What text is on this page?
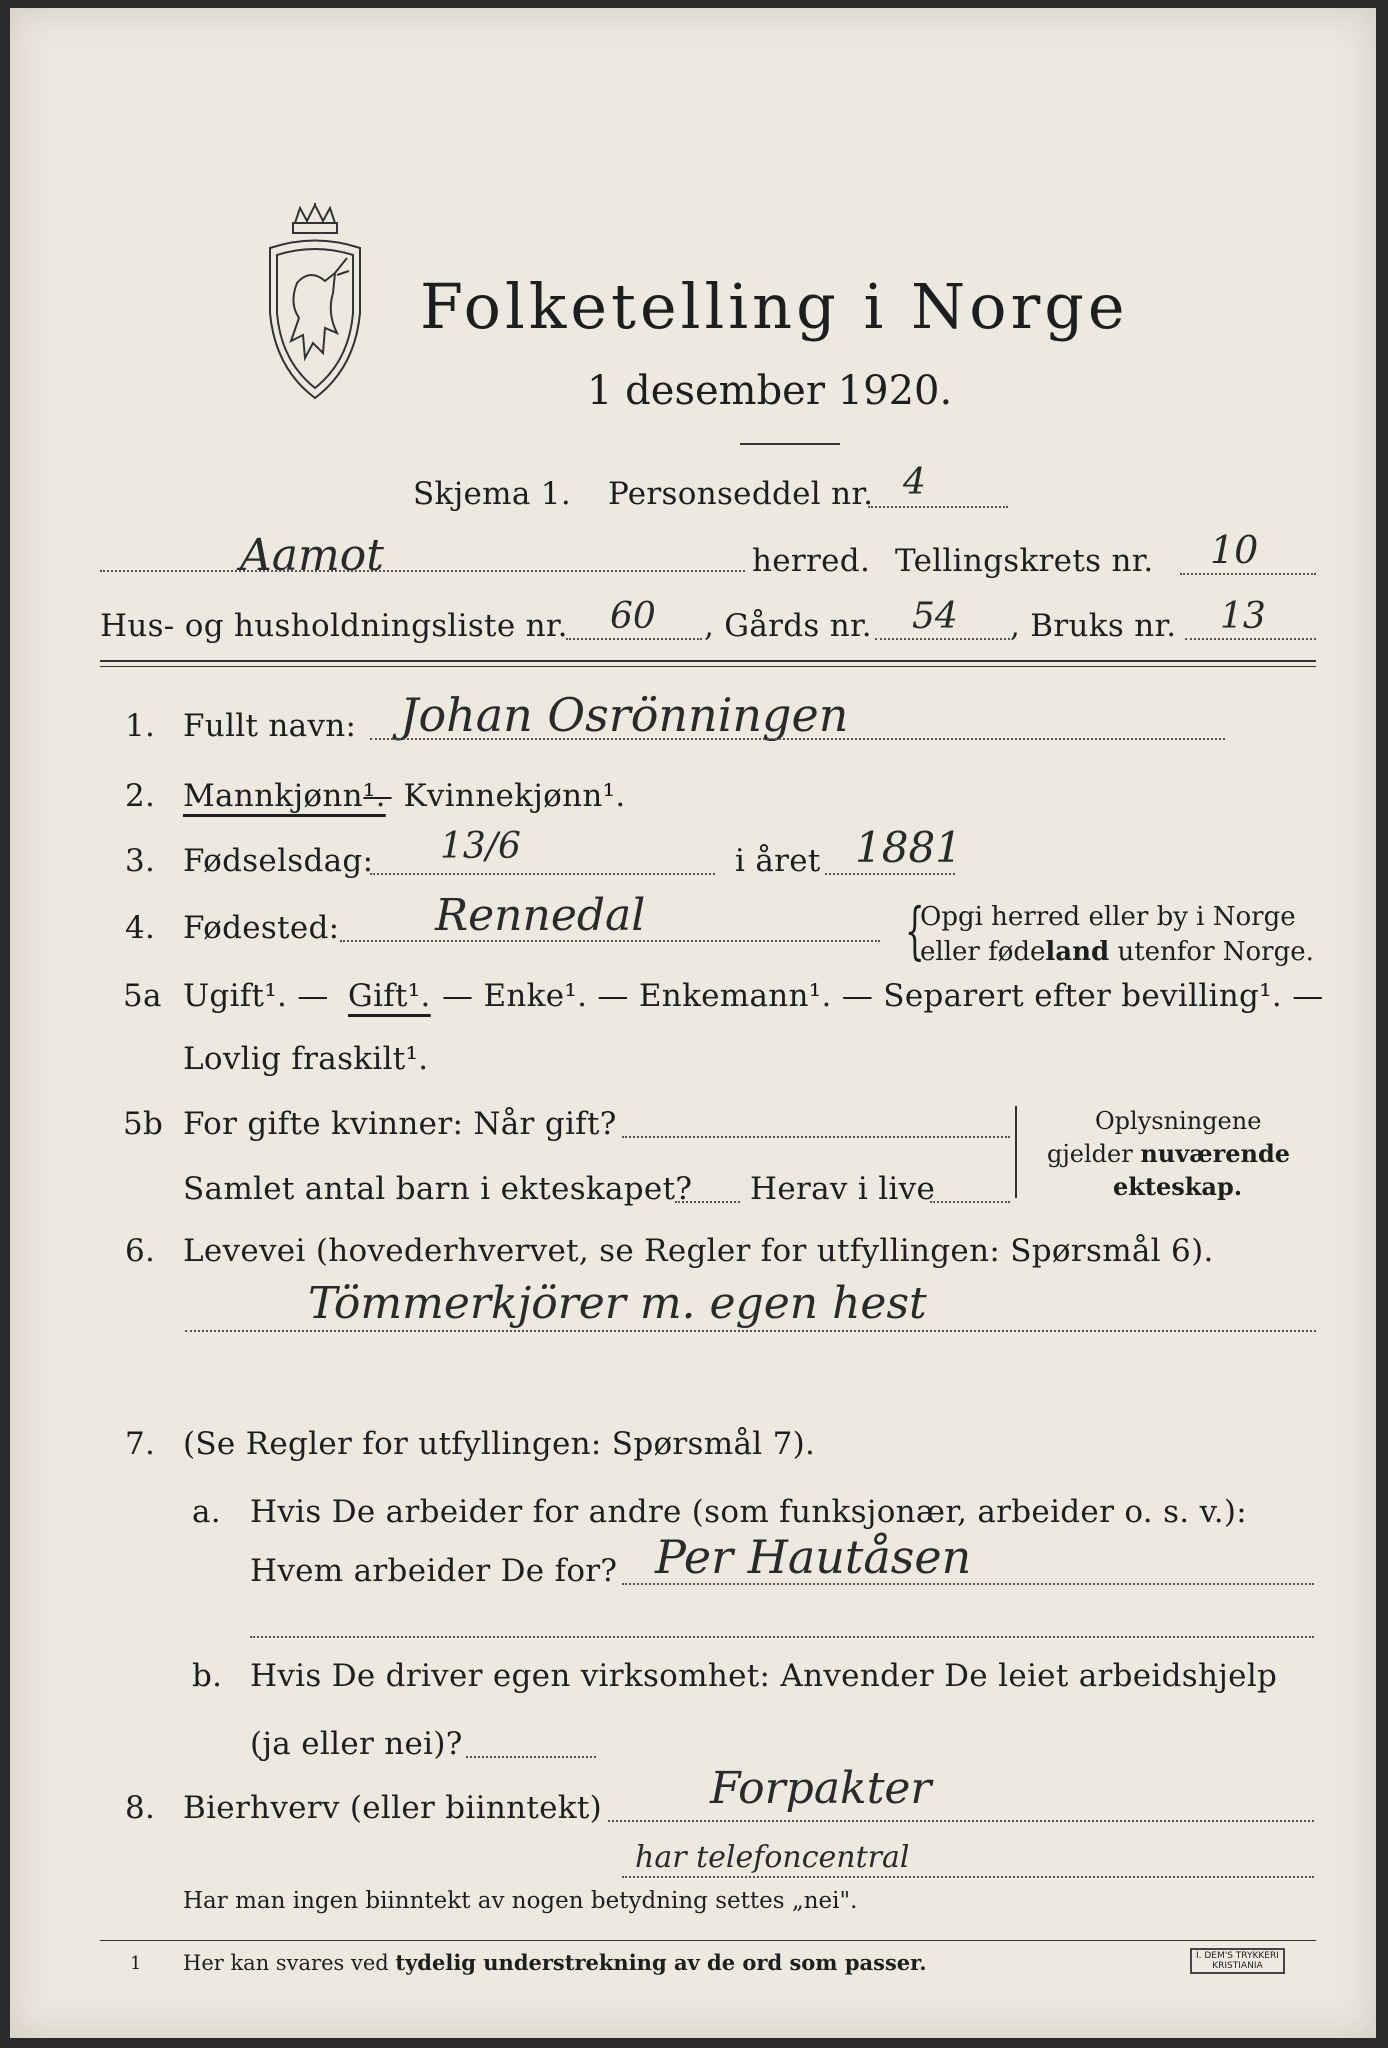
Folketelling i Norge
1 desember 1920.
Skjema 1. Personseddel nr. 4
Aamot	herred. Tellingskrets nr. 10
Hus- og husholdningsliste nr. 60 , Gårds nr. 54 , Bruks nr. 13
1. Fullt navn: Johan Osrönningen
2. Mannkjønn¹.
— Kvinnekjønn¹.
3. Fødselsdag: 13/6	i året 1881
4. Fødested: Rennedal	{
Opgi herred eller by i Norge
eller fødeland utenfor Norge.
5a Ugift¹. — Gift¹. — Enke¹. — Enkemann¹. — Separert efter bevilling¹. —
Lovlig fraskilt¹.
5b For gifte kvinner: Når gift?
Samlet antal barn i ekteskapet? Herav i live
Oplysningene
gjelder nuværende
ekteskap.
6. Levevei (hovederhvervet, se Regler for utfyllingen: Spørsmål 6).
Tömmerkjörer m. egen hest
7. (Se Regler for utfyllingen: Spørsmål 7).
a. Hvis De arbeider for andre (som funksjonær, arbeider o. s. v.):
Hvem arbeider De for? Per Hautåsen
b. Hvis De driver egen virksomhet: Anvender De leiet arbeidshjelp
(ja eller nei)?
8. Bierhverv (eller biinntekt) Forpakter
har telefoncentral
Har man ingen biinntekt av nogen betydning settes „nei".
1 Her kan svares ved tydelig understrekning av de ord som passer.	I. DEM'S TRYKKERI
KRISTIANIA
